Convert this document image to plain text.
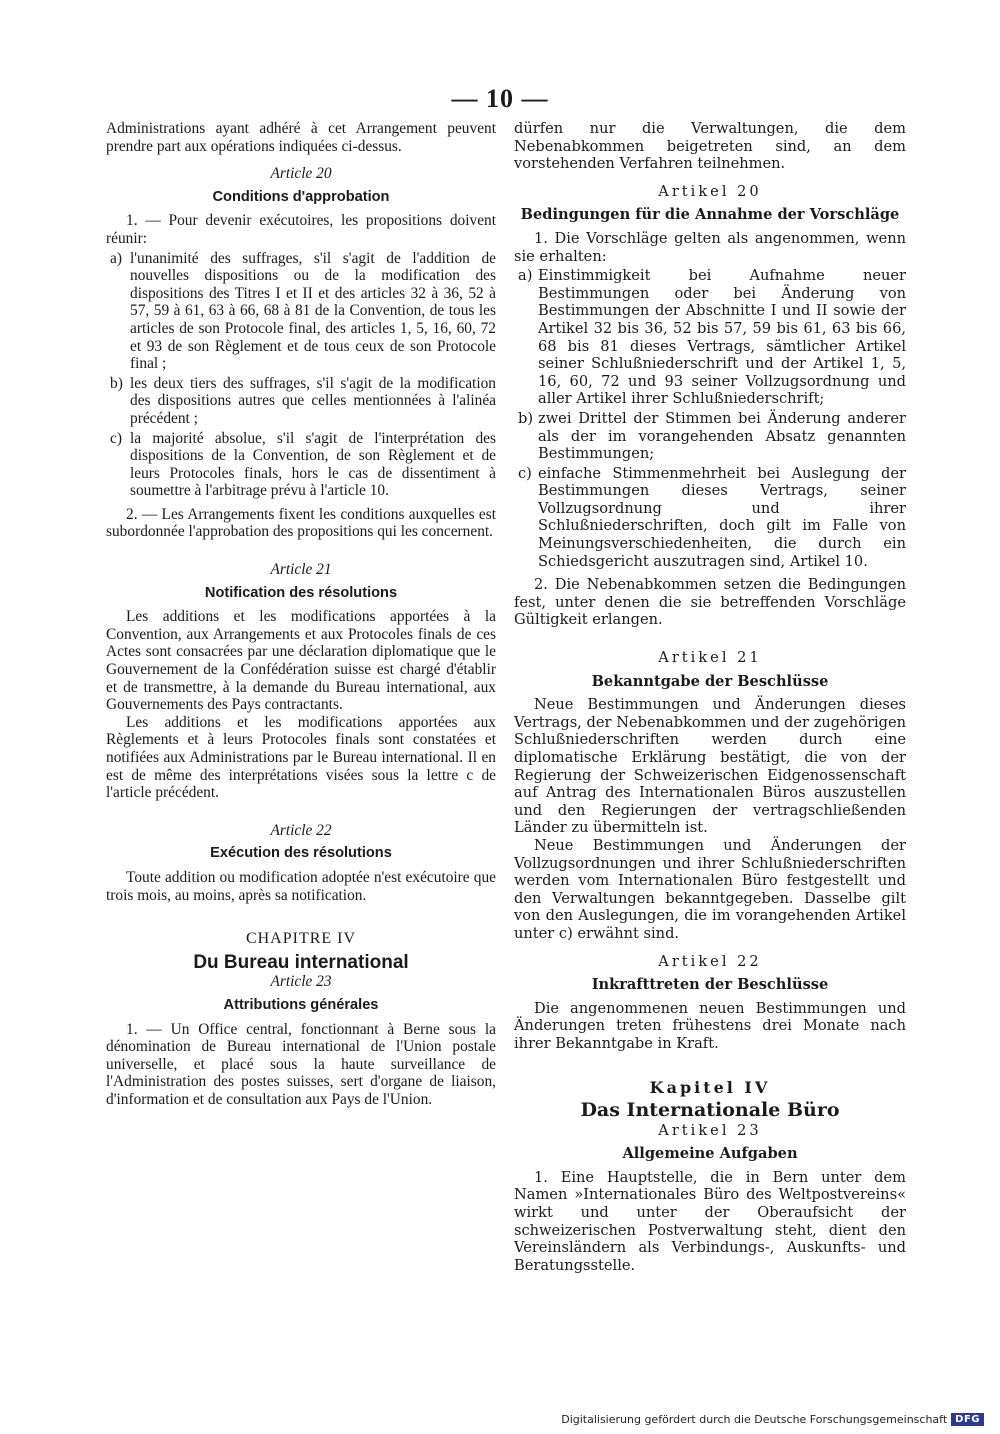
— 10 —

Administrations ayant adhéré à cet Arrangement peuvent prendre part aux opérations indiquées ci-dessus.

Article 20

Conditions d'approbation

1. — Pour devenir exécutoires, les propositions doivent réunir:

a) l'unanimité des suffrages, s'il s'agit de l'addition de nouvelles dispositions ou de la modification des dispositions des Titres I et II et des articles 32 à 36, 52 à 57, 59 à 61, 63 à 66, 68 à 81 de la Convention, de tous les articles de son Protocole final, des articles 1, 5, 16, 60, 72 et 93 de son Règlement et de tous ceux de son Protocole final ;
b) les deux tiers des suffrages, s'il s'agit de la modification des dispositions autres que celles mentionnées à l'alinéa précédent ;
c) la majorité absolue, s'il s'agit de l'interprétation des dispositions de la Convention, de son Règlement et de leurs Protocoles finals, hors le cas de dissentiment à soumettre à l'arbitrage prévu à l'article 10.

2. — Les Arrangements fixent les conditions auxquelles est subordonnée l'approbation des propositions qui les concernent.

Article 21

Notification des résolutions

Les additions et les modifications apportées à la Convention, aux Arrangements et aux Protocoles finals de ces Actes sont consacrées par une déclaration diplomatique que le Gouvernement de la Confédération suisse est chargé d'établir et de transmettre, à la demande du Bureau international, aux Gouvernements des Pays contractants.

Les additions et les modifications apportées aux Règlements et à leurs Protocoles finals sont constatées et notifiées aux Administrations par le Bureau international. Il en est de même des interprétations visées sous la lettre c de l'article précédent.

Article 22

Exécution des résolutions

Toute addition ou modification adoptée n'est exécutoire que trois mois, au moins, après sa notification.

CHAPITRE IV

Du Bureau international

Article 23

Attributions générales

1. — Un Office central, fonctionnant à Berne sous la dénomination de Bureau international de l'Union postale universelle, et placé sous la haute surveillance de l'Administration des postes suisses, sert d'organe de liaison, d'information et de consultation aux Pays de l'Union.

dürfen nur die Verwaltungen, die dem Nebenabkommen beigetreten sind, an dem vorstehenden Verfahren teilnehmen.

Artikel 20

Bedingungen für die Annahme der Vorschläge

1. Die Vorschläge gelten als angenommen, wenn sie erhalten:

a) Einstimmigkeit bei Aufnahme neuer Bestimmungen oder bei Änderung von Bestimmungen der Abschnitte I und II sowie der Artikel 32 bis 36, 52 bis 57, 59 bis 61, 63 bis 66, 68 bis 81 dieses Vertrags, sämtlicher Artikel seiner Schlußniederschrift und der Artikel 1, 5, 16, 60, 72 und 93 seiner Vollzugsordnung und aller Artikel ihrer Schlußniederschrift;
b) zwei Drittel der Stimmen bei Änderung anderer als der im vorangehenden Absatz genannten Bestimmungen;
c) einfache Stimmenmehrheit bei Auslegung der Bestimmungen dieses Vertrags, seiner Vollzugsordnung und ihrer Schlußniederschriften, doch gilt im Falle von Meinungsverschiedenheiten, die durch ein Schiedsgericht auszutragen sind, Artikel 10.

2. Die Nebenabkommen setzen die Bedingungen fest, unter denen die sie betreffenden Vorschläge Gültigkeit erlangen.

Artikel 21

Bekanntgabe der Beschlüsse

Neue Bestimmungen und Änderungen dieses Vertrags, der Nebenabkommen und der zugehörigen Schlußniederschriften werden durch eine diplomatische Erklärung bestätigt, die von der Regierung der Schweizerischen Eidgenossenschaft auf Antrag des Internationalen Büros auszustellen und den Regierungen der vertragschließenden Länder zu übermitteln ist.

Neue Bestimmungen und Änderungen der Vollzugsordnungen und ihrer Schlußniederschriften werden vom Internationalen Büro festgestellt und den Verwaltungen bekanntgegeben. Dasselbe gilt von den Auslegungen, die im vorangehenden Artikel unter c) erwähnt sind.

Artikel 22

Inkrafttreten der Beschlüsse

Die angenommenen neuen Bestimmungen und Änderungen treten frühestens drei Monate nach ihrer Bekanntgabe in Kraft.

Kapitel IV

Das Internationale Büro

Artikel 23

Allgemeine Aufgaben

1. Eine Hauptstelle, die in Bern unter dem Namen »Internationales Büro des Weltpostvereins« wirkt und unter der Oberaufsicht der schweizerischen Postverwaltung steht, dient den Vereinsländern als Verbindungs-, Auskunfts- und Beratungsstelle.

Digitalisierung gefördert durch die Deutsche Forschungsgemeinschaft DFG
